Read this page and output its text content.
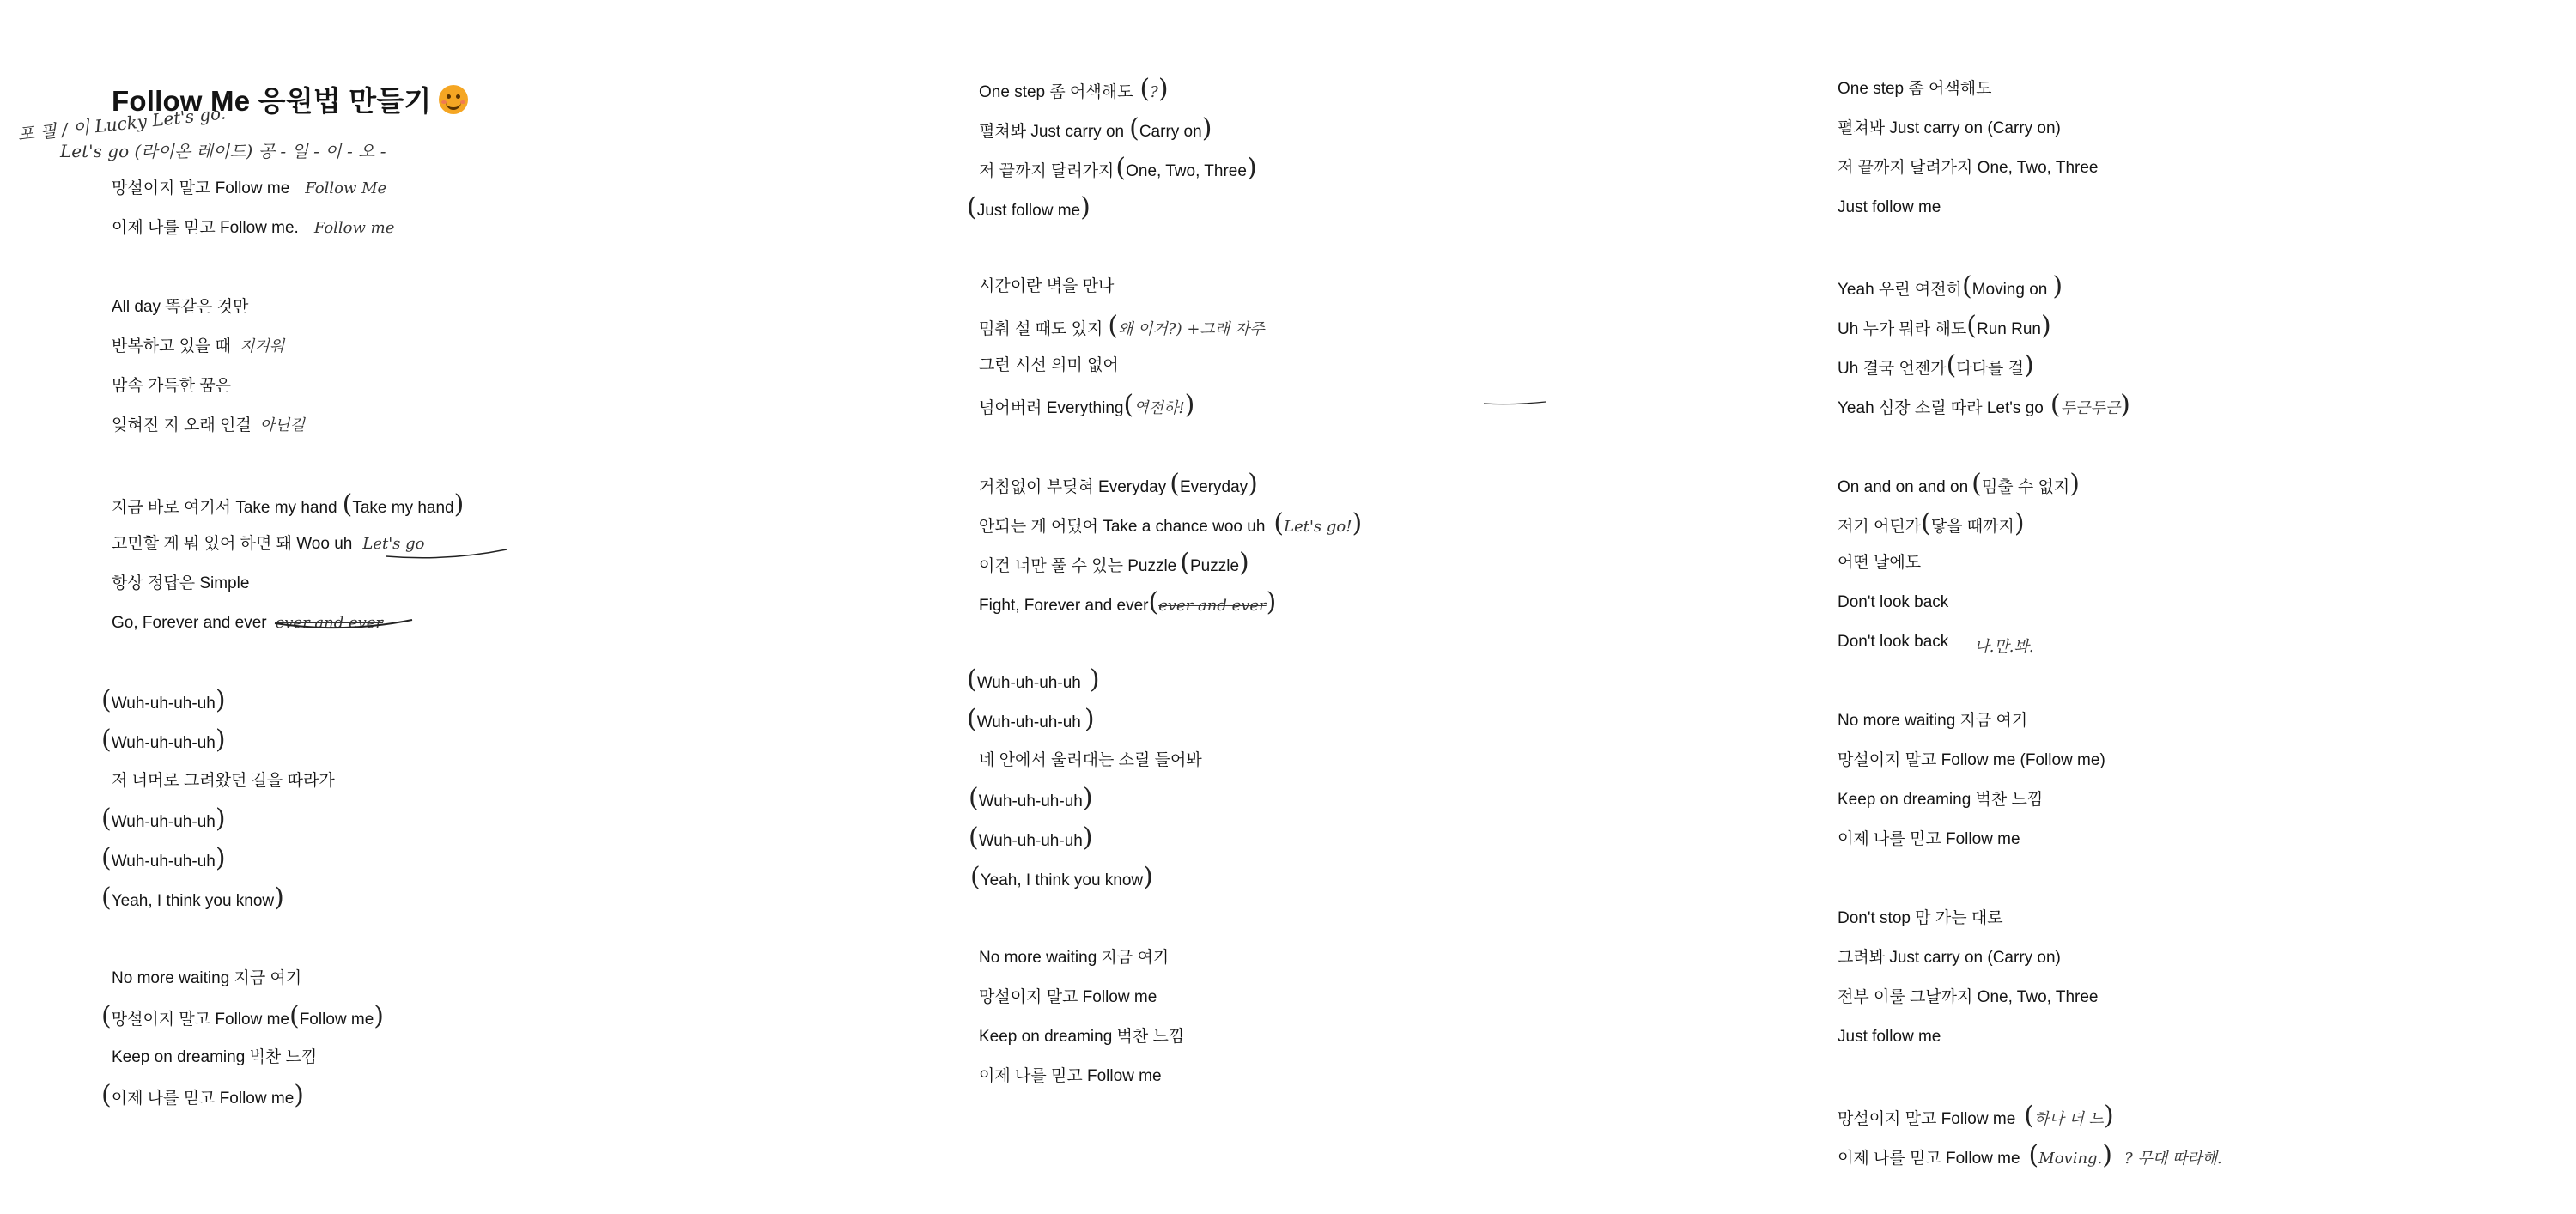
Follow Me 응원법 만들기
포 필 / 이 Lucky Let's go.
Let's go (라이온 레이드) 공 - 일 - 이 - 오 -
망설이지 말고 Follow me Follow Me
이제 나를 믿고 Follow me. Follow me
All day 똑같은 것만
반복하고 있을 때 지겨워
맘속 가득한 꿈은
잊혀진 지 오래 인걸 아닌걸
지금 바로 여기서 Take my hand (Take my hand)
고민할 게 뭐 있어 하면 돼 Woo uh Let's go
항상 정답은 Simple
Go, Forever and ever ever and ever
(Wuh-uh-uh-uh)
(Wuh-uh-uh-uh)
저 너머로 그려왔던 길을 따라가
(Wuh-uh-uh-uh)
(Wuh-uh-uh-uh)
(Yeah, I think you know)
No more waiting 지금 여기
(망설이지 말고 Follow me(Follow me)
Keep on dreaming 벅찬 느낌
(이제 나를 믿고 Follow me)
One step 좀 어색해도 (?)
펼쳐봐 Just carry on (Carry on)
저 끝까지 달려가지(One, Two, Three)
(Just follow me)
시간이란 벽을 만나
멈춰 설 때도 있지 (왜 이거?) +그래 자주
그런 시선 의미 없어
넘어버려 Everything(역전하!)
거침없이 부딪혀 Everyday (Everyday)
안되는 게 어딨어 Take a chance woo uh (Let's go!)
이건 너만 풀 수 있는 Puzzle (Puzzle)
Fight, Forever and ever(ever and ever)
(Wuh-uh-uh-uh )
(Wuh-uh-uh-uh )
네 안에서 울려대는 소릴 들어봐
(Wuh-uh-uh-uh)
(Wuh-uh-uh-uh)
(Yeah, I think you know)
No more waiting 지금 여기
망설이지 말고 Follow me
Keep on dreaming 벅찬 느낌
이제 나를 믿고 Follow me
One step 좀 어색해도
펼쳐봐 Just carry on (Carry on)
저 끝까지 달려가지 One, Two, Three
Just follow me
Yeah 우린 여전히(Moving on )
Uh 누가 뭐라 해도(Run Run)
Uh 결국 언젠가(다다를 걸)
Yeah 심장 소릴 따라 Let's go (두근두근)
On and on and on (멈출 수 없지)
저기 어딘가(닿을 때까지)
어떤 날에도
Don't look back
Don't look back 나.만.봐.
No more waiting 지금 여기
망설이지 말고 Follow me (Follow me)
Keep on dreaming 벅찬 느낌
이제 나를 믿고 Follow me
Don't stop 맘 가는 대로
그려봐 Just carry on (Carry on)
전부 이룰 그날까지 One, Two, Three
Just follow me
망설이지 말고 Follow me (하나 더 느)
이제 나를 믿고 Follow me (Moving.) ? 무대 따라해.
